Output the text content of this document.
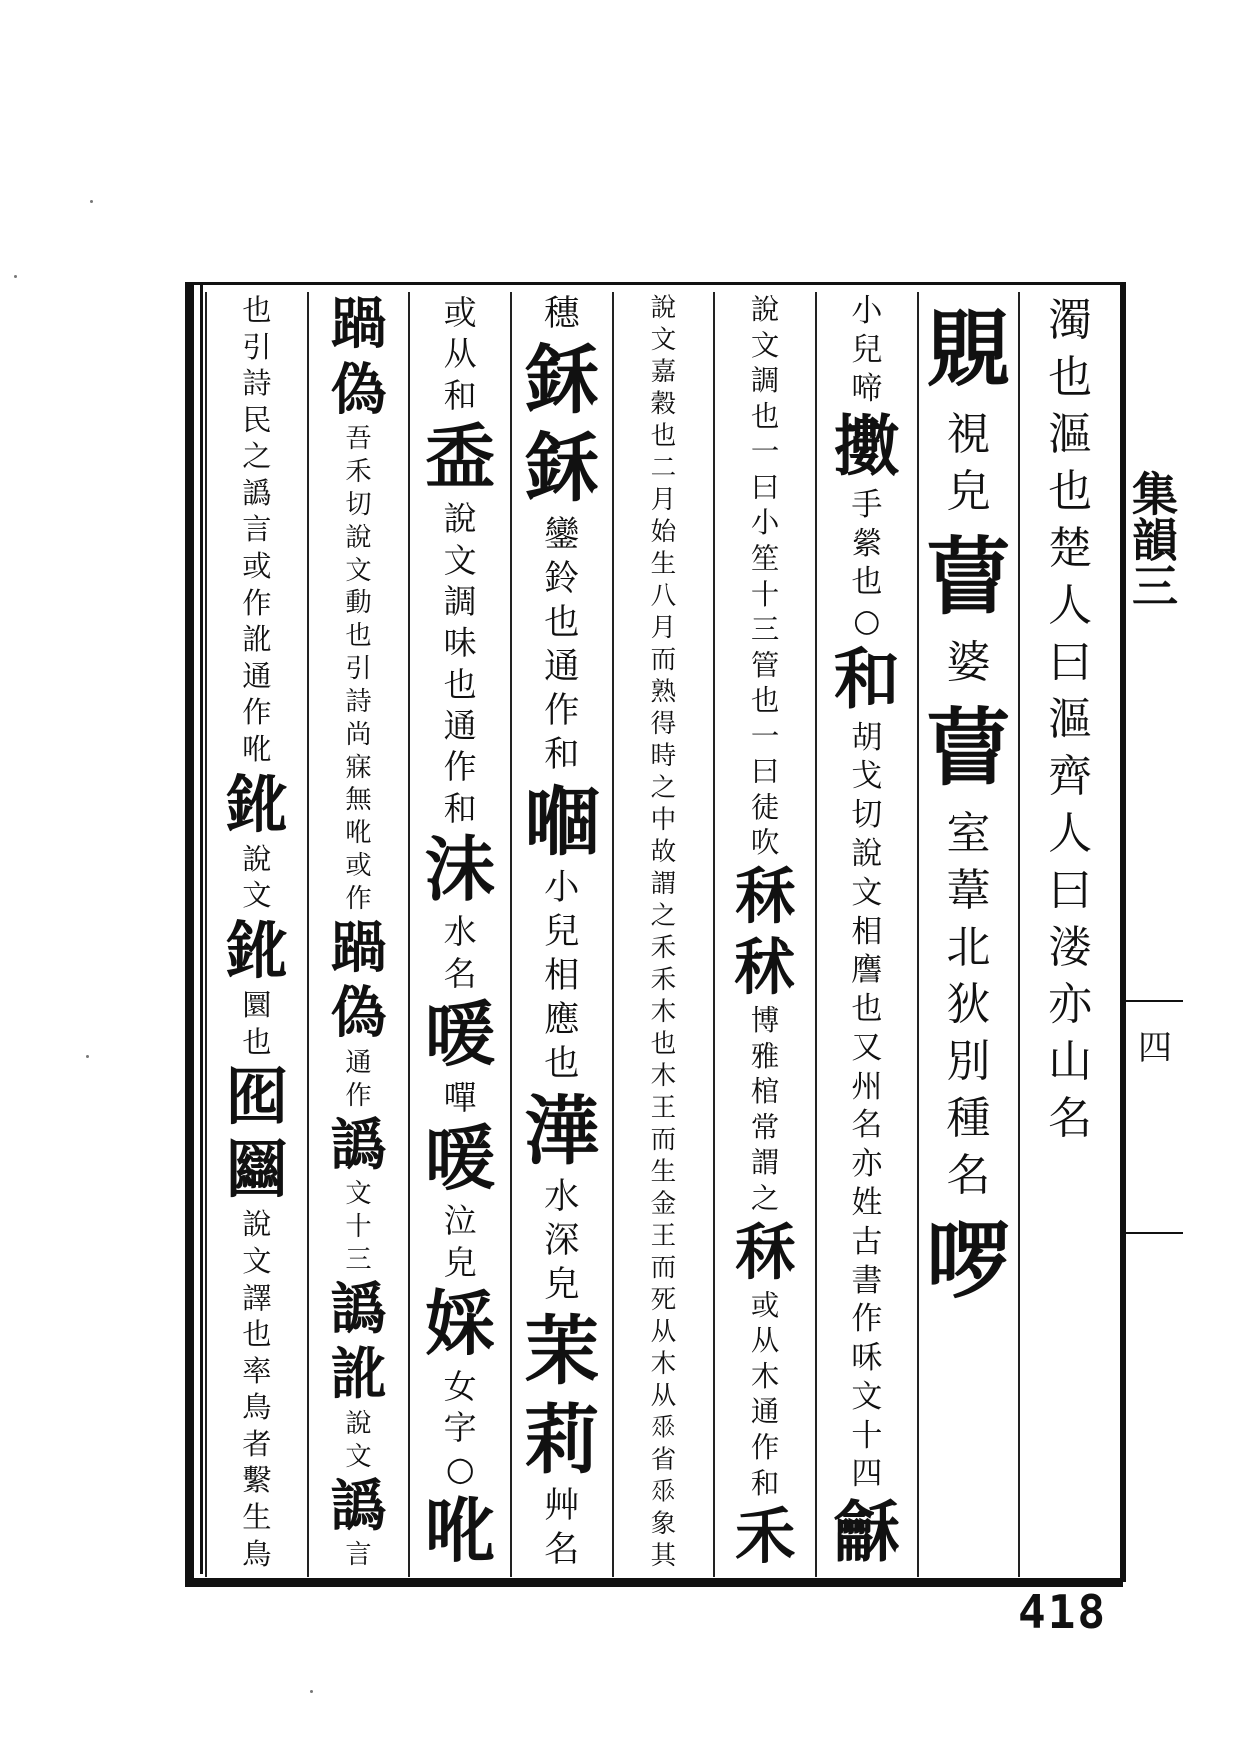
濁
也
漚
也
楚
人
曰
漚
齊
人
曰
溇
亦
山
名
覞
視
皃
萺
婆
萺
室
葦
北
狄
別
種
名
啰
小
兒
啼
擻
手
縈
也
○
和
胡
戈
切
說
文
相
譍
也
又
州
名
亦
姓
古
書
作
咊
文
十
四
龢
說
文
調
也
一
曰
小
笙
十
三
管
也
一
曰
徒
吹
秝
秫
博
雅
棺
常
謂
之
秝
或
从
木
通
作
和
禾
說
文
嘉
穀
也
二
月
始
生
八
月
而
熟
得
時
之
中
故
謂
之
禾
禾
木
也
木
王
而
生
金
王
而
死
从
木
从
𠂹
省
𠂹
象
其
穗
鉌
鉌
鑾
鈴
也
通
作
和
嗰
小
兒
相
應
也
澕
水
深
皃
茉
莉
艸
名
或
从
和
盉
說
文
調
味
也
通
作
和
沬
水
名
喛
嘽
喛
泣
皃
婇
女
字
○
吪
踻
偽
吾
禾
切
說
文
動
也
引
詩
尚
寐
無
吪
或
作
踻
偽
通
作
譌
文
十
三
譌
訛
說
文
譌
言
也
引
詩
民
之
譌
言
或
作
訛
通
作
吪
鈋
說
文
鈋
圜
也
囮
圝
說
文
譯
也
率
鳥
者
繫
生
鳥
集韻三
四
418
